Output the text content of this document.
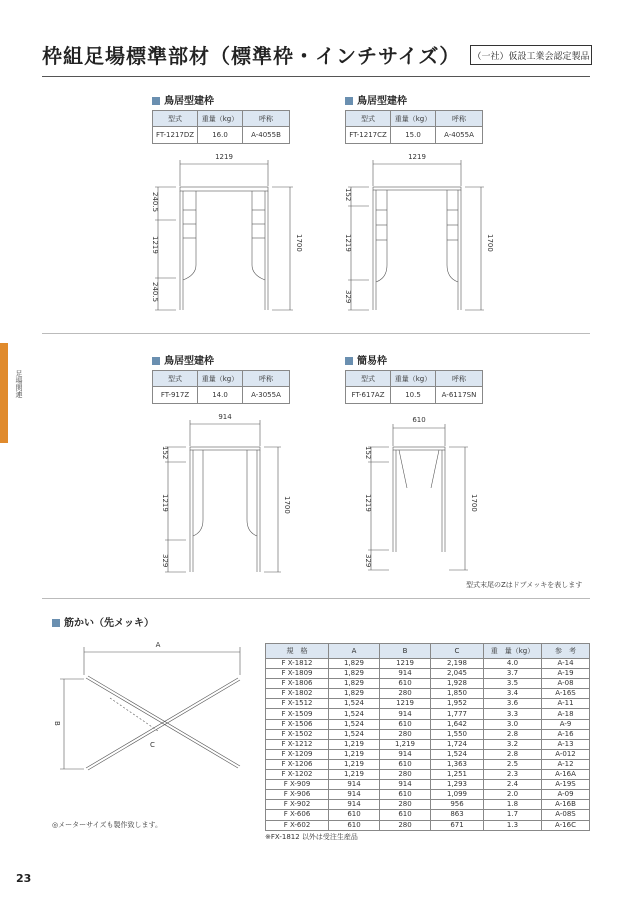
枠組足場標準部材（標準枠・インチサイズ） （一社）仮設工業会認定製品
足場関連
鳥居型建枠
型式	重量（kg）	呼称
FT-1217DZ	16.0	A-4055B
1219
240.5
1219
240.5
1700
鳥居型建枠
型式	重量（kg）	呼称
FT-1217CZ	15.0	A-4055A
1219
152
1219
329
1700
鳥居型建枠
型式	重量（kg）	呼称
FT-917Z	14.0	A-3055A
914
152
1219
329
1700
簡易枠
型式	重量（kg）	呼称
FT-617AZ	10.5	A-6117SN
610
152
1219
329
1700
型式末尾のZはドブメッキを表します
筋かい（先メッキ）
A
B
C
◎メーターサイズも製作致します。
規　格	A	B	C	重　量（kg）	参　考
F X-1812	1,829	1219	2,198	4.0	A-14
F X-1809	1,829	914	2,045	3.7	A-19
F X-1806	1,829	610	1,928	3.5	A-08
F X-1802	1,829	280	1,850	3.4	A-16S
F X-1512	1,524	1219	1,952	3.6	A-11
F X-1509	1,524	914	1,777	3.3	A-18
F X-1506	1,524	610	1,642	3.0	A-9
F X-1502	1,524	280	1,550	2.8	A-16
F X-1212	1,219	1,219	1,724	3.2	A-13
F X-1209	1,219	914	1,524	2.8	A-012
F X-1206	1,219	610	1,363	2.5	A-12
F X-1202	1,219	280	1,251	2.3	A-16A
F X-909	914	914	1,293	2.4	A-19S
F X-906	914	610	1,099	2.0	A-09
F X-902	914	280	956	1.8	A-16B
F X-606	610	610	863	1.7	A-08S
F X-602	610	280	671	1.3	A-16C
※FX-1812 以外は受注生産品
23
